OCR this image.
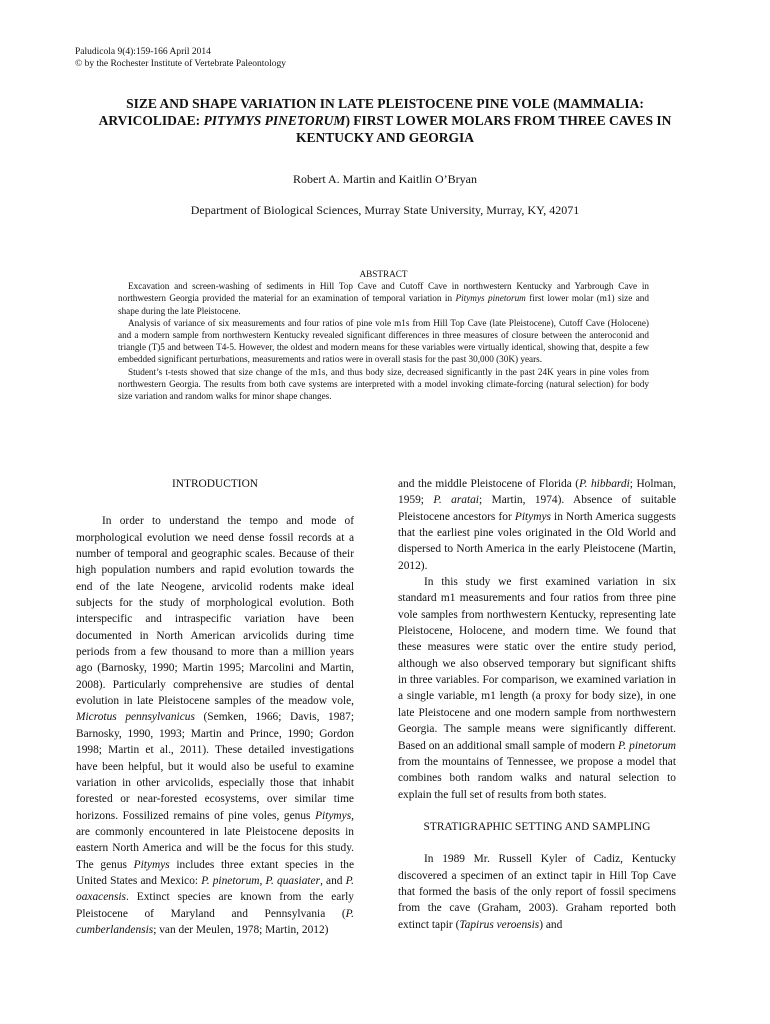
Paludicola 9(4):159-166 April 2014
© by the Rochester Institute of Vertebrate Paleontology
SIZE AND SHAPE VARIATION IN LATE PLEISTOCENE PINE VOLE (MAMMALIA:
ARVICOLIDAE: PITYMYS PINETORUM) FIRST LOWER MOLARS FROM THREE CAVES IN
KENTUCKY AND GEORGIA
Robert A. Martin and Kaitlin O’Bryan
Department of Biological Sciences, Murray State University, Murray, KY, 42071
ABSTRACT

Excavation and screen-washing of sediments in Hill Top Cave and Cutoff Cave in northwestern Kentucky and Yarbrough Cave in northwestern Georgia provided the material for an examination of temporal variation in Pitymys pinetorum first lower molar (m1) size and shape during the late Pleistocene.

Analysis of variance of six measurements and four ratios of pine vole m1s from Hill Top Cave (late Pleistocene), Cutoff Cave (Holocene) and a modern sample from northwestern Kentucky revealed significant differences in three measures of closure between the anteroconid and triangle (T)5 and between T4-5. However, the oldest and modern means for these variables were virtually identical, showing that, despite a few embedded significant perturbations, measurements and ratios were in overall stasis for the past 30,000 (30K) years.

Student’s t-tests showed that size change of the m1s, and thus body size, decreased significantly in the past 24K years in pine voles from northwestern Georgia. The results from both cave systems are interpreted with a model invoking climate-forcing (natural selection) for body size variation and random walks for minor shape changes.

INTRODUCTION

In order to understand the tempo and mode of morphological evolution we need dense fossil records at a number of temporal and geographic scales. Because of their high population numbers and rapid evolution towards the end of the late Neogene, arvicolid rodents make ideal subjects for the study of morphological evolution. Both interspecific and intraspecific variation have been documented in North American arvicolids during time periods from a few thousand to more than a million years ago (Barnosky, 1990; Martin 1995; Marcolini and Martin, 2008). Particularly comprehensive are studies of dental evolution in late Pleistocene samples of the meadow vole, Microtus pennsylvanicus (Semken, 1966; Davis, 1987; Barnosky, 1990, 1993; Martin and Prince, 1990; Gordon 1998; Martin et al., 2011). These detailed investigations have been helpful, but it would also be useful to examine variation in other arvicolids, especially those that inhabit forested or near-forested ecosystems, over similar time horizons. Fossilized remains of pine voles, genus Pitymys, are commonly encountered in late Pleistocene deposits in eastern North America and will be the focus for this study. The genus Pitymys includes three extant species in the United States and Mexico: P. pinetorum, P. quasiater, and P. oaxacensis. Extinct species are known from the early Pleistocene of Maryland and Pennsylvania (P. cumberlandensis; van der Meulen, 1978; Martin, 2012)

and the middle Pleistocene of Florida (P. hibbardi; Holman, 1959; P. aratai; Martin, 1974). Absence of suitable Pleistocene ancestors for Pitymys in North America suggests that the earliest pine voles originated in the Old World and dispersed to North America in the early Pleistocene (Martin, 2012).

In this study we first examined variation in six standard m1 measurements and four ratios from three pine vole samples from northwestern Kentucky, representing late Pleistocene, Holocene, and modern time. We found that these measures were static over the entire study period, although we also observed temporary but significant shifts in three variables. For comparison, we examined variation in a single variable, m1 length (a proxy for body size), in one late Pleistocene and one modern sample from northwestern Georgia. The sample means were significantly different. Based on an additional small sample of modern P. pinetorum from the mountains of Tennessee, we propose a model that combines both random walks and natural selection to explain the full set of results from both states.

STRATIGRAPHIC SETTING AND SAMPLING

In 1989 Mr. Russell Kyler of Cadiz, Kentucky discovered a specimen of an extinct tapir in Hill Top Cave that formed the basis of the only report of fossil specimens from the cave (Graham, 2003). Graham reported both extinct tapir (Tapirus veroensis) and
